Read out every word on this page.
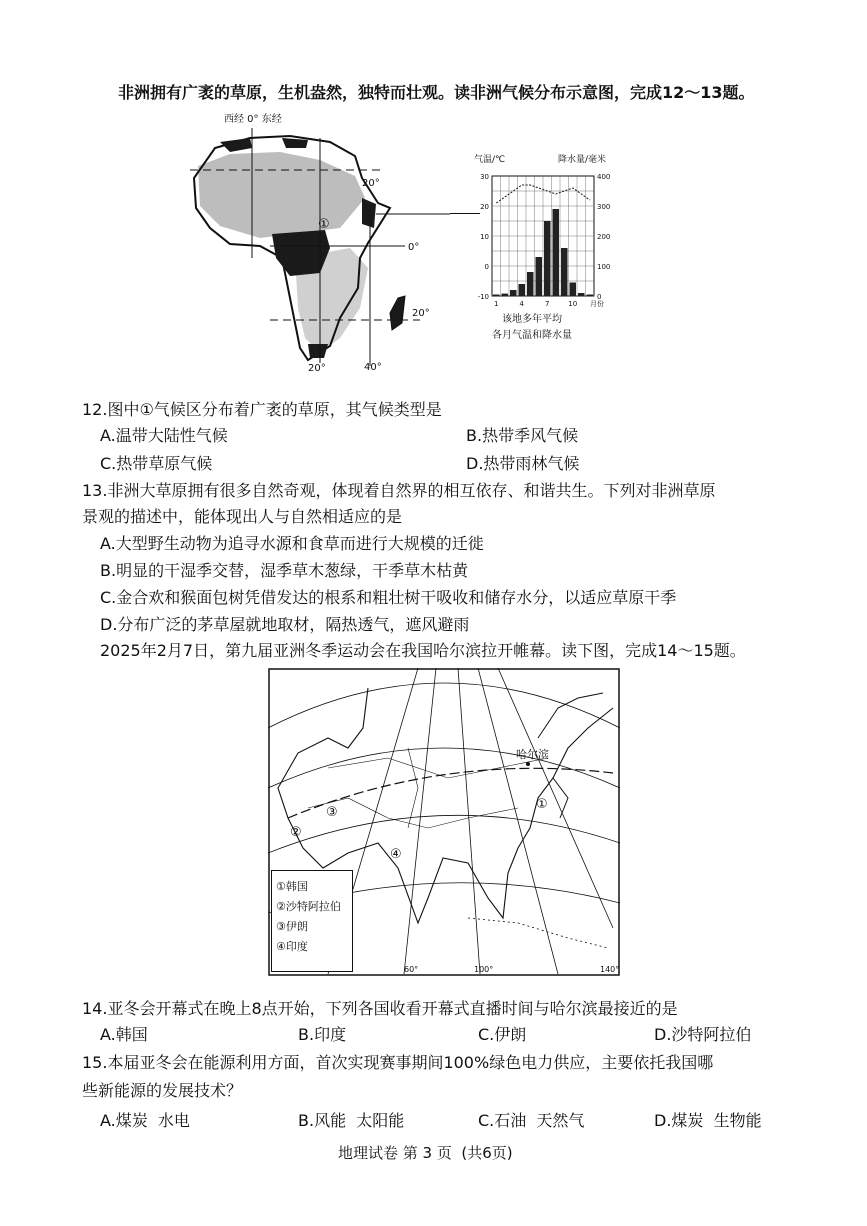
非洲拥有广袤的草原，生机盎然，独特而壮观。读非洲气候分布示意图，完成12～13题。
西经 0° 东经
20°
0°
20°
20°	40°
①
气温/℃	降水量/毫米
30
20
10
0
-10
400
300
200
100
0
1	4	7	10 月份
该地多年平均
各月气温和降水量
12.图中①气候区分布着广袤的草原，其气候类型是
A.温带大陆性气候	B.热带季风气候
C.热带草原气候	D.热带雨林气候
13.非洲大草原拥有很多自然奇观，体现着自然界的相互依存、和谐共生。下列对非洲草原
景观的描述中，能体现出人与自然相适应的是
A.大型野生动物为追寻水源和食草而进行大规模的迁徙
B.明显的干湿季交替，湿季草木葱绿，干季草木枯黄
C.金合欢和猴面包树凭借发达的根系和粗壮树干吸收和储存水分，以适应草原干季
D.分布广泛的茅草屋就地取材，隔热透气，遮风避雨
2025年2月7日，第九届亚洲冬季运动会在我国哈尔滨拉开帷幕。读下图，完成14～15题。
哈尔滨
①
②
③
④
60°	100°	140°
①韩国
②沙特阿拉伯
③伊朗
④印度
14.亚冬会开幕式在晚上8点开始，下列各国收看开幕式直播时间与哈尔滨最接近的是
A.韩国	B.印度	C.伊朗	D.沙特阿拉伯
15.本届亚冬会在能源利用方面，首次实现赛事期间100%绿色电力供应，主要依托我国哪
些新能源的发展技术？
A.煤炭  水电	B.风能  太阳能	C.石油  天然气	D.煤炭  生物能
地理试卷 第 3 页  (共6页)
